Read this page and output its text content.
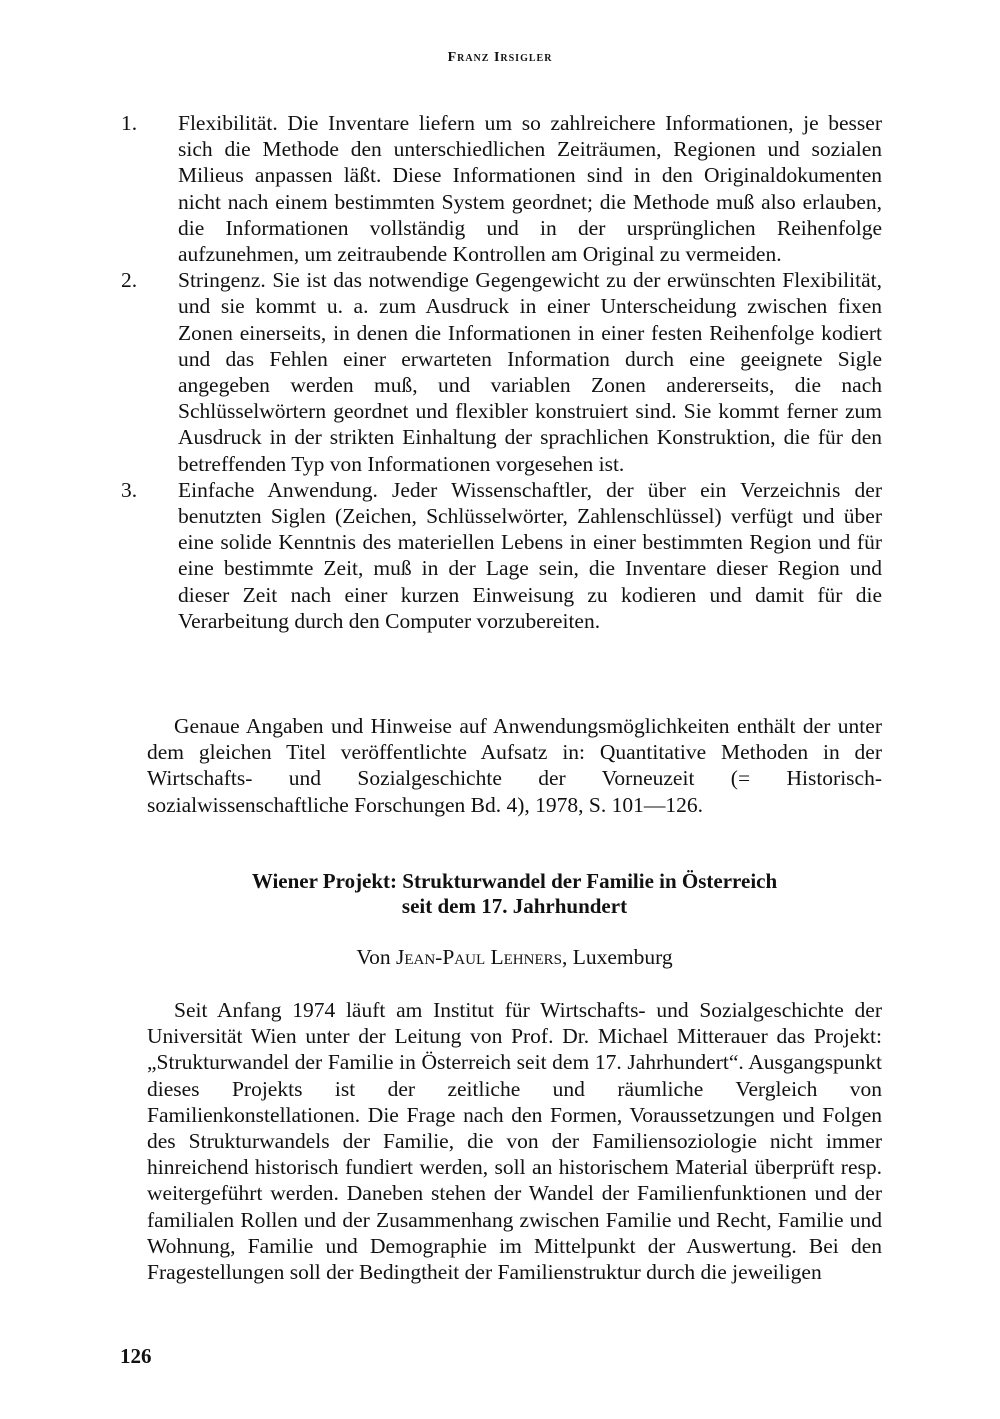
Franz Irsigler
1. Flexibilität. Die Inventare liefern um so zahlreichere Informationen, je besser sich die Methode den unterschiedlichen Zeiträumen, Regionen und sozialen Milieus anpassen läßt. Diese Informationen sind in den Originaldokumenten nicht nach einem bestimmten System geordnet; die Methode muß also erlauben, die Informationen vollständig und in der ursprünglichen Reihenfolge aufzunehmen, um zeitraubende Kontrollen am Original zu vermeiden.

2. Stringenz. Sie ist das notwendige Gegengewicht zu der erwünschten Flexibilität, und sie kommt u. a. zum Ausdruck in einer Unterscheidung zwischen fixen Zonen einerseits, in denen die Informationen in einer festen Reihenfolge kodiert und das Fehlen einer erwarteten Information durch eine geeignete Sigle angegeben werden muß, und variablen Zonen andererseits, die nach Schlüsselwörtern geordnet und flexibler konstruiert sind. Sie kommt ferner zum Ausdruck in der strikten Einhaltung der sprachlichen Konstruktion, die für den betreffenden Typ von Informationen vorgesehen ist.

3. Einfache Anwendung. Jeder Wissenschaftler, der über ein Verzeichnis der benutzten Siglen (Zeichen, Schlüsselwörter, Zahlenschlüssel) verfügt und über eine solide Kenntnis des materiellen Lebens in einer bestimmten Region und für eine bestimmte Zeit, muß in der Lage sein, die Inventare dieser Region und dieser Zeit nach einer kurzen Einweisung zu kodieren und damit für die Verarbeitung durch den Computer vorzubereiten.

Genaue Angaben und Hinweise auf Anwendungsmöglichkeiten enthält der unter dem gleichen Titel veröffentlichte Aufsatz in: Quantitative Methoden in der Wirtschafts- und Sozialgeschichte der Vorneuzeit (= Historisch-sozialwissenschaftliche Forschungen Bd. 4), 1978, S. 101—126.

Wiener Projekt: Strukturwandel der Familie in Österreich
seit dem 17. Jahrhundert
Von Jean-Paul Lehners, Luxemburg

Seit Anfang 1974 läuft am Institut für Wirtschafts- und Sozialgeschichte der Universität Wien unter der Leitung von Prof. Dr. Michael Mitterauer das Projekt: „Strukturwandel der Familie in Österreich seit dem 17. Jahrhundert“. Ausgangspunkt dieses Projekts ist der zeitliche und räumliche Vergleich von Familienkonstellationen. Die Frage nach den Formen, Voraussetzungen und Folgen des Strukturwandels der Familie, die von der Familiensoziologie nicht immer hinreichend historisch fundiert werden, soll an historischem Material überprüft resp. weitergeführt werden. Daneben stehen der Wandel der Familienfunktionen und der familialen Rollen und der Zusammenhang zwischen Familie und Recht, Familie und Wohnung, Familie und Demographie im Mittelpunkt der Auswertung. Bei den Fragestellungen soll der Bedingtheit der Familienstruktur durch die jeweiligen

126
